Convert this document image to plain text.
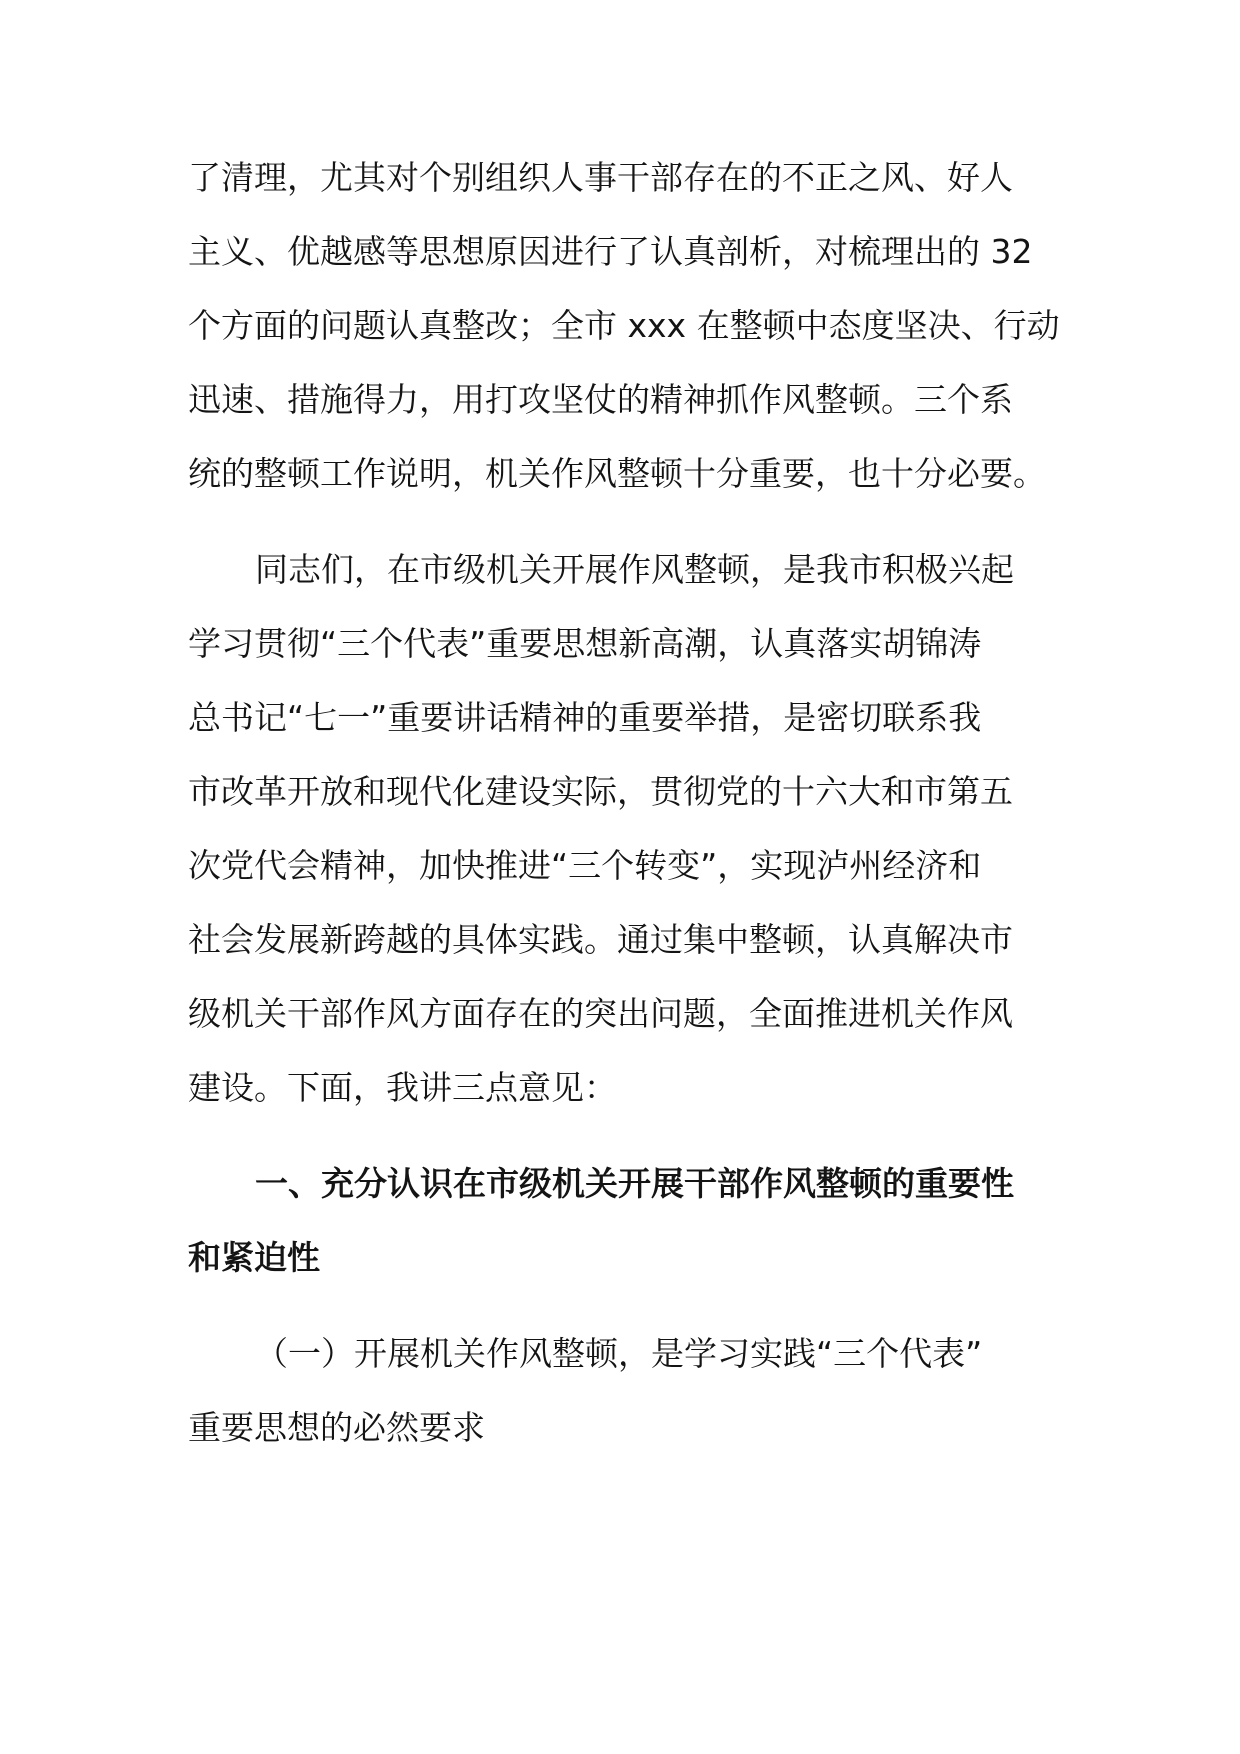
了清理，尤其对个别组织人事干部存在的不正之风、好人
主义、优越感等思想原因进行了认真剖析，对梳理出的 32
个方面的问题认真整改；全市 xxx 在整顿中态度坚决、行动
迅速、措施得力，用打攻坚仗的精神抓作风整顿。三个系
统的整顿工作说明，机关作风整顿十分重要，也十分必要。
同志们，在市级机关开展作风整顿，是我市积极兴起
学习贯彻“三个代表”重要思想新高潮，认真落实胡锦涛
总书记“七一”重要讲话精神的重要举措，是密切联系我
市改革开放和现代化建设实际，贯彻党的十六大和市第五
次党代会精神，加快推进“三个转变”，实现泸州经济和
社会发展新跨越的具体实践。通过集中整顿，认真解决市
级机关干部作风方面存在的突出问题，全面推进机关作风
建设。下面，我讲三点意见：
一、充分认识在市级机关开展干部作风整顿的重要性
和紧迫性
（一）开展机关作风整顿，是学习实践“三个代表”
重要思想的必然要求
